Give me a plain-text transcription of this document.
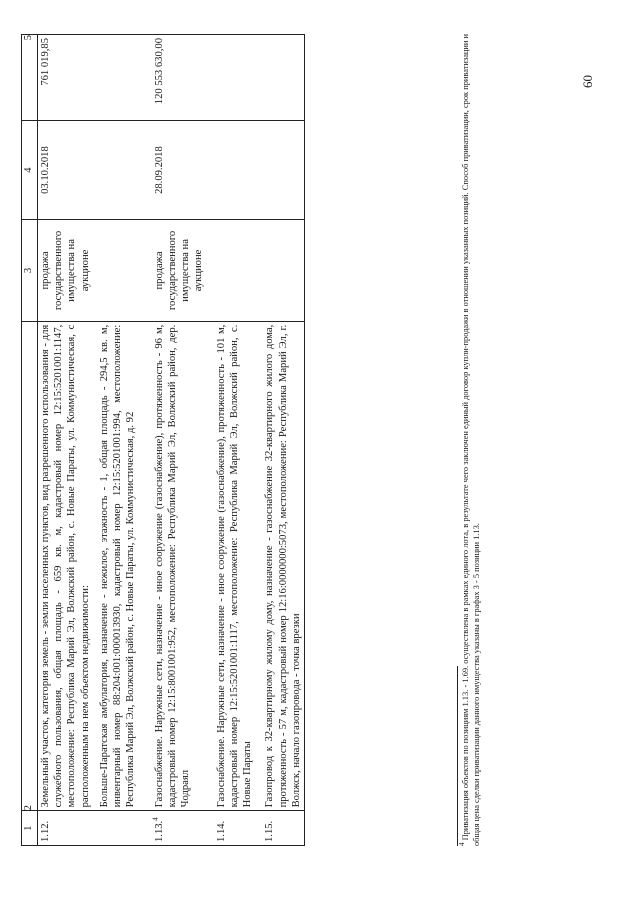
60
1	2	3	4	5
1.12.	Земельный участок, категория земель - земли населенных пунктов, вид разрешенного использования - для служебного пользования, общая площадь - 659 кв. м, кадастровый номер 12:15:5201001:1147, местоположение: Республика Марий Эл, Волжский район, с. Новые Параты, ул. Коммунистическая, с расположенным на нем объектом недвижимости: Больше-Паратская амбулатория, назначение - нежилое, этажность - 1, общая площадь - 294,5 кв. м, инвентарный номер 88:204:001:000013930, кадастровый номер 12:15:5201001:994, местоположение: Республика Марий Эл, Волжский район, с. Новые Параты, ул. Коммунистическая, д. 92	продажа государственного имущества на аукционе	03.10.2018	761 019,85
1.13.$^4$	Газоснабжение. Наружные сети, назначение - иное сооружение (газоснабжение), протяженность - 96 м, кадастровый номер 12:15:8001001:952, местоположение: Республика Марий Эл, Волжский район, дер. Чодраял	продажа государственного имущества на аукционе	28.09.2018	120 553 630,00
1.14.	Газоснабжение. Наружные сети, назначение - иное сооружение (газоснабжение), протяженность - 101 м, кадастровый номер 12:15:5201001:1117, местоположение: Республика Марий Эл, Волжский район, с. Новые Параты			
1.15.	Газопровод к 32-квартирному жилому дому, назначение - газоснабжение 32-квартирного жилого дома, протяженность - 57 м, кадастровый номер 12:16:0000000:5073, местоположение: Республика Марий Эл, г. Волжск, начало газопровода - точка врезки			
$^4$ Приватизация объектов по позициям 1.13. - 1.69. осуществлена в рамках единого лота, в результате чего заключен единый договор купли-продажи в отношении указанных позиций. Способ приватизации, срок приватизации и общая цена сделки приватизации данного имущества указаны в графах 3 - 5 позиции 1.13.
